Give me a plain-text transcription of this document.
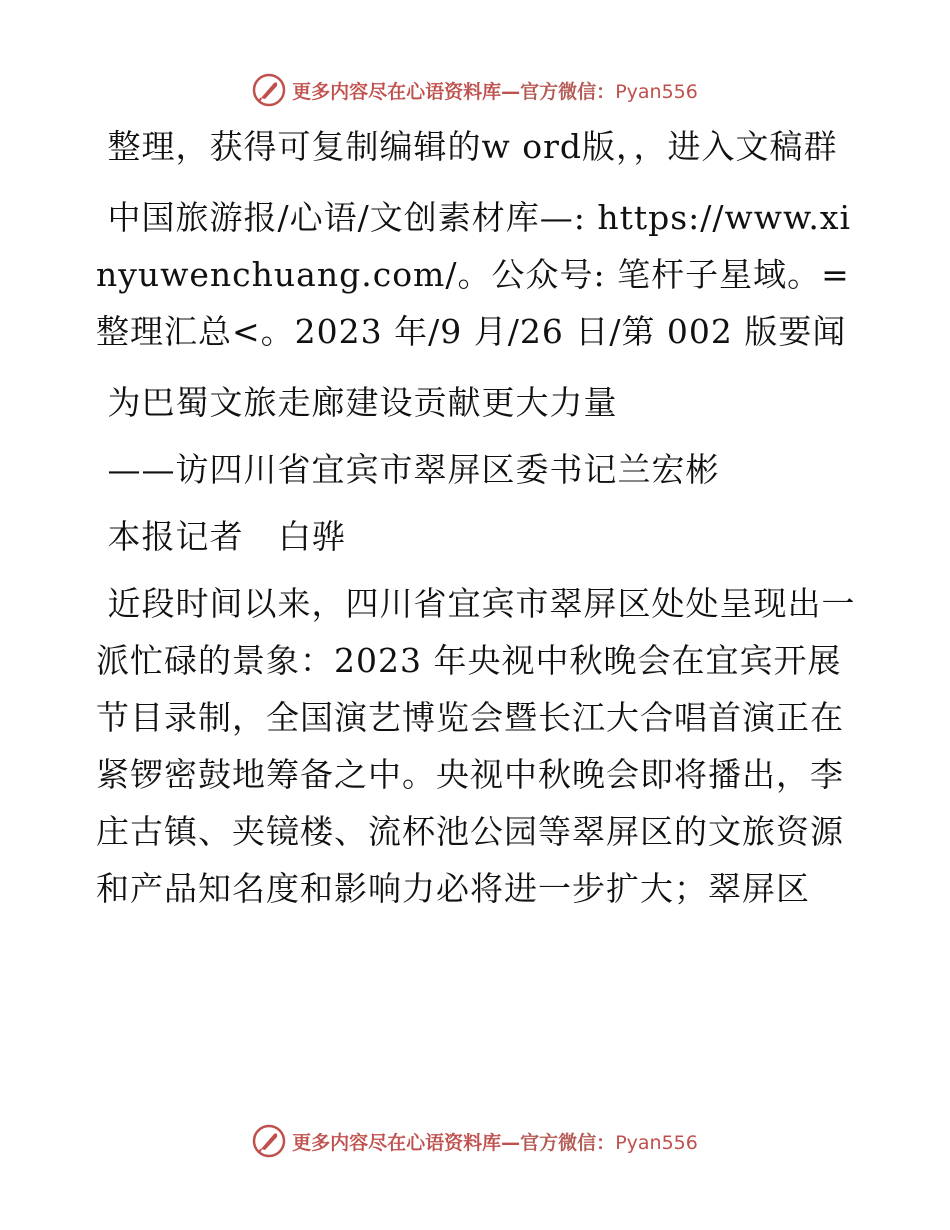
更多内容尽在心语资料库—官方微信：Pyan556

整理，获得可复制编辑的w ord版，，进入文稿群

中国旅游报/心语/文创素材库—: https://www.xinyuwenchuang.com/。公众号: 笔杆子星域。=整理汇总<。2023 年/9 月/26 日/第 002 版要闻

为巴蜀文旅走廊建设贡献更大力量

——访四川省宜宾市翠屏区委书记兰宏彬

本报记者   白骅

近段时间以来，四川省宜宾市翠屏区处处呈现出一派忙碌的景象：2023 年央视中秋晚会在宜宾开展节目录制，全国演艺博览会暨长江大合唱首演正在紧锣密鼓地筹备之中。央视中秋晚会即将播出，李庄古镇、夹镜楼、流杯池公园等翠屏区的文旅资源和产品知名度和影响力必将进一步扩大；翠屏区

更多内容尽在心语资料库—官方微信：Pyan556
